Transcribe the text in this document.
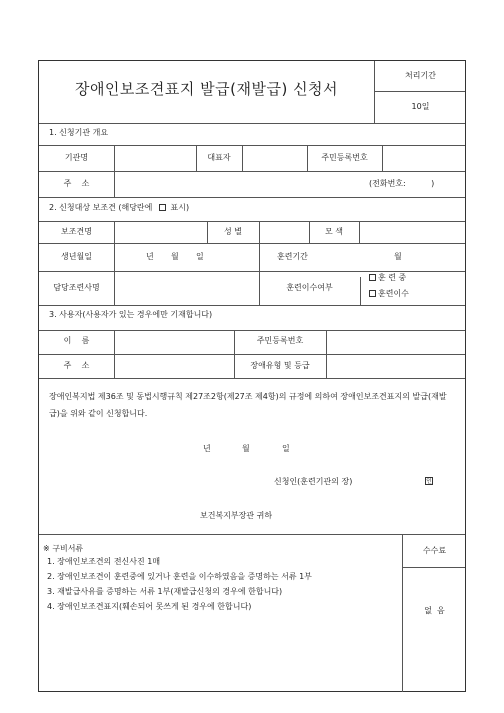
장애인보조견표지 발급(재발급) 신청서
처리기간
10일
1. 신청기관 개요
기관명	대표자	주민등록번호
주    소	(전화번호:          )
2. 신청대상 보조견 (해당란에 표시)
보조견명	성 별	모 색
생년월일	년 월 일	훈련기간	월
담당조련사명	훈련이수여부
훈 련 중
훈련이수
3. 사용자(사용자가 있는 경우에만 기재합니다)
이    름	주민등록번호
주    소	장애유형 및 등급
장애인복지법 제36조 및 동법시행규칙 제27조2항(제27조 제4항)의 규정에 의하여 장애인보조견표지의 발급(재발급)을 위와 같이 신청합니다.
년	월	일
신청인(훈련기관의 장)	인
보건복지부장관 귀하
※ 구비서류
1. 장애인보조견의 전신사진 1매
2. 장애인보조견이 훈련중에 있거나 훈련을 이수하였음을 증명하는 서류 1부
3. 재발급사유를 증명하는 서류 1부(재발급신청의 경우에 한합니다)
4. 장애인보조견표지(훼손되어 못쓰게 된 경우에 한합니다)
수수료
없  음
